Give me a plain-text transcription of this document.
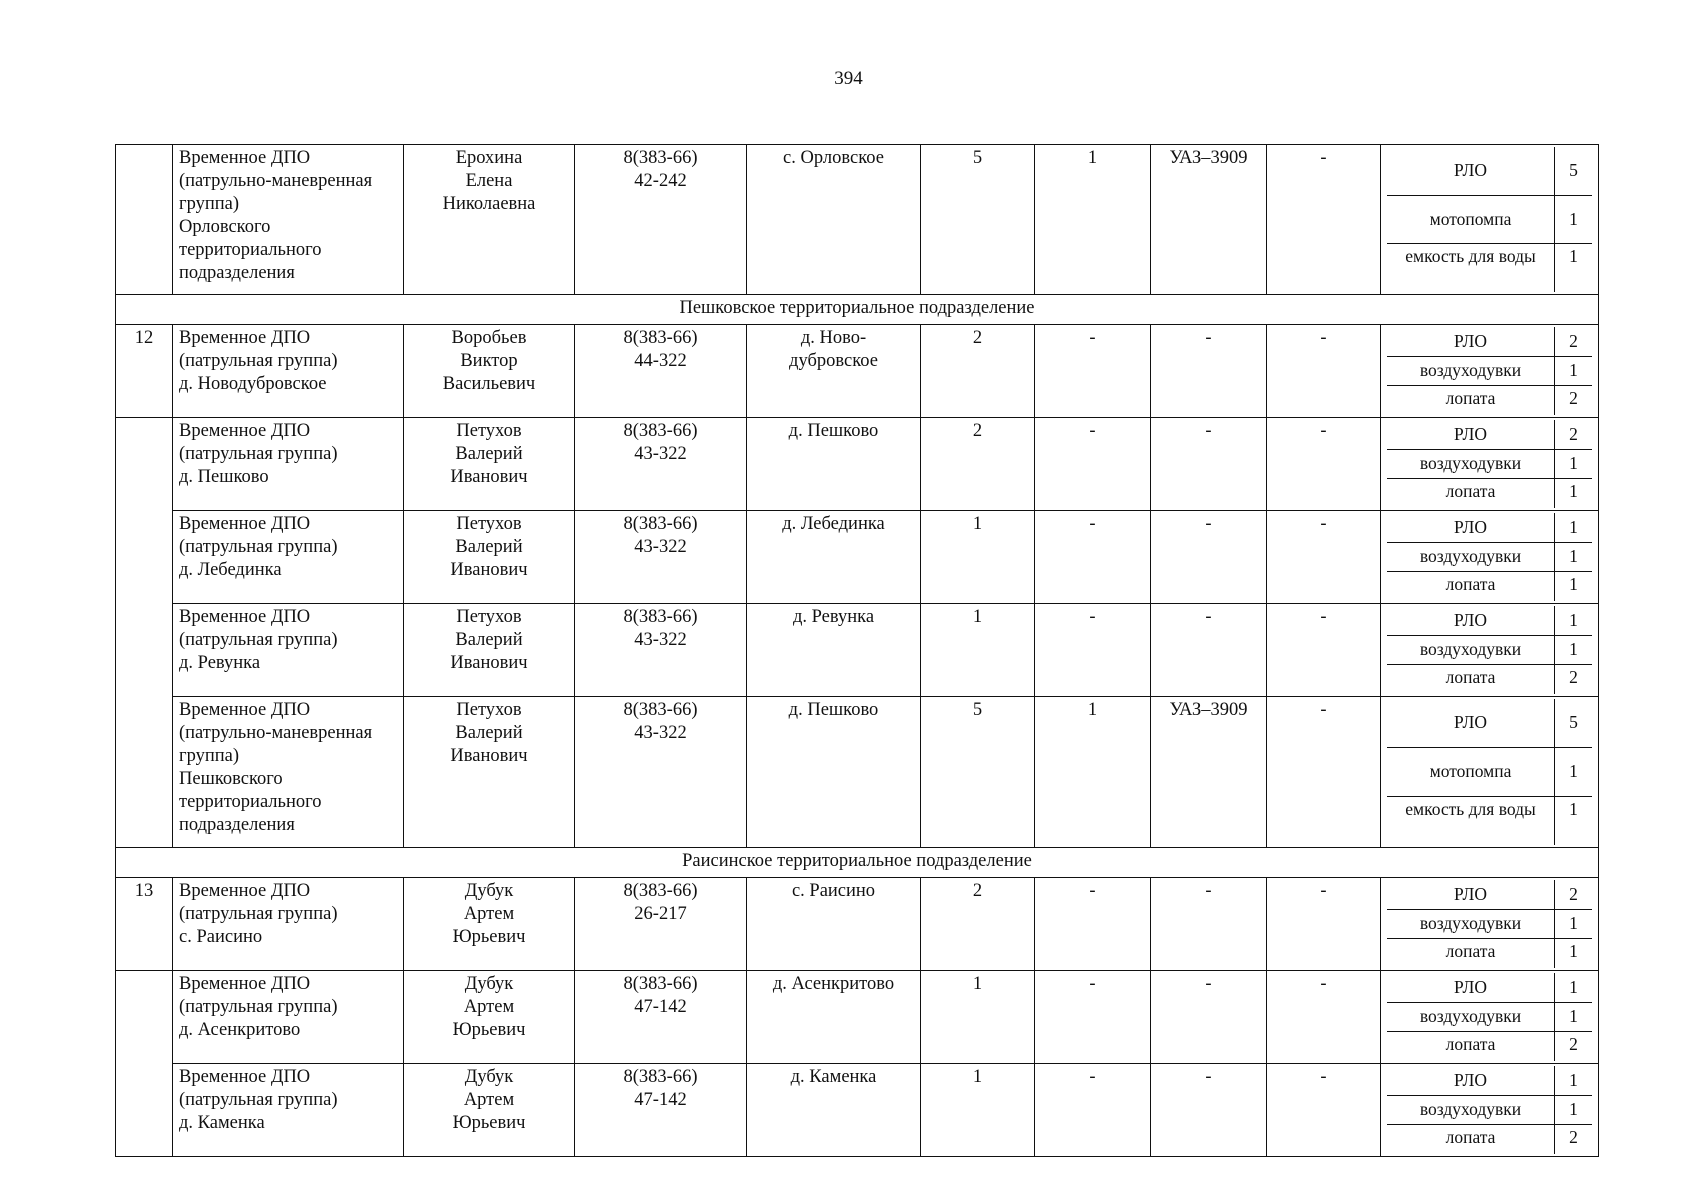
394
	Временное ДПО
(патрульно-маневренная
группа)
Орловского
территориального
подразделения	Ерохина
Елена
Николаевна	8(383-66)
42-242	с. Орловское	5	1	УАЗ–3909	-	
РЛО	5
мотопомпа	1
емкость для воды	1

Пешковское территориальное подразделение
12	Временное ДПО
(патрульная группа)
д. Новодубровское	Воробьев
Виктор
Васильевич	8(383-66)
44-322	д. Ново-
дубровское	2	-	-	-		РЛО	2
воздуходувки	1
лопата	2

	Временное ДПО
(патрульная группа)
д. Пешково	Петухов
Валерий
Иванович	8(383-66)
43-322	д. Пешково	2	-	-	-		РЛО	2
воздуходувки	1
лопата	1

	Временное ДПО
(патрульная группа)
д. Лебединка	Петухов
Валерий
Иванович	8(383-66)
43-322	д. Лебединка	1	-	-	-		РЛО	1
воздуходувки	1
лопата	1

	Временное ДПО
(патрульная группа)
д. Ревунка	Петухов
Валерий
Иванович	8(383-66)
43-322	д. Ревунка	1	-	-	-		РЛО	1
воздуходувки	1
лопата	2

	Временное ДПО
(патрульно-маневренная
группа)
Пешковского
территориального
подразделения	Петухов
Валерий
Иванович	8(383-66)
43-322	д. Пешково	5	1	УАЗ–3909	-	
РЛО	5
мотопомпа	1
емкость для воды	1

Раисинское территориальное подразделение
13	Временное ДПО
(патрульная группа)
с. Раисино	Дубук
Артем
Юрьевич	8(383-66)
26-217	с. Раисино	2	-	-	-		РЛО	2
воздуходувки	1
лопата	1

	Временное ДПО
(патрульная группа)
д. Асенкритово	Дубук
Артем
Юрьевич	8(383-66)
47-142	д. Асенкритово	1	-	-	-		РЛО	1
воздуходувки	1
лопата	2

	Временное ДПО
(патрульная группа)
д. Каменка	Дубук
Артем
Юрьевич	8(383-66)
47-142	д. Каменка	1	-	-	-		РЛО	1
воздуходувки	1
лопата	2
